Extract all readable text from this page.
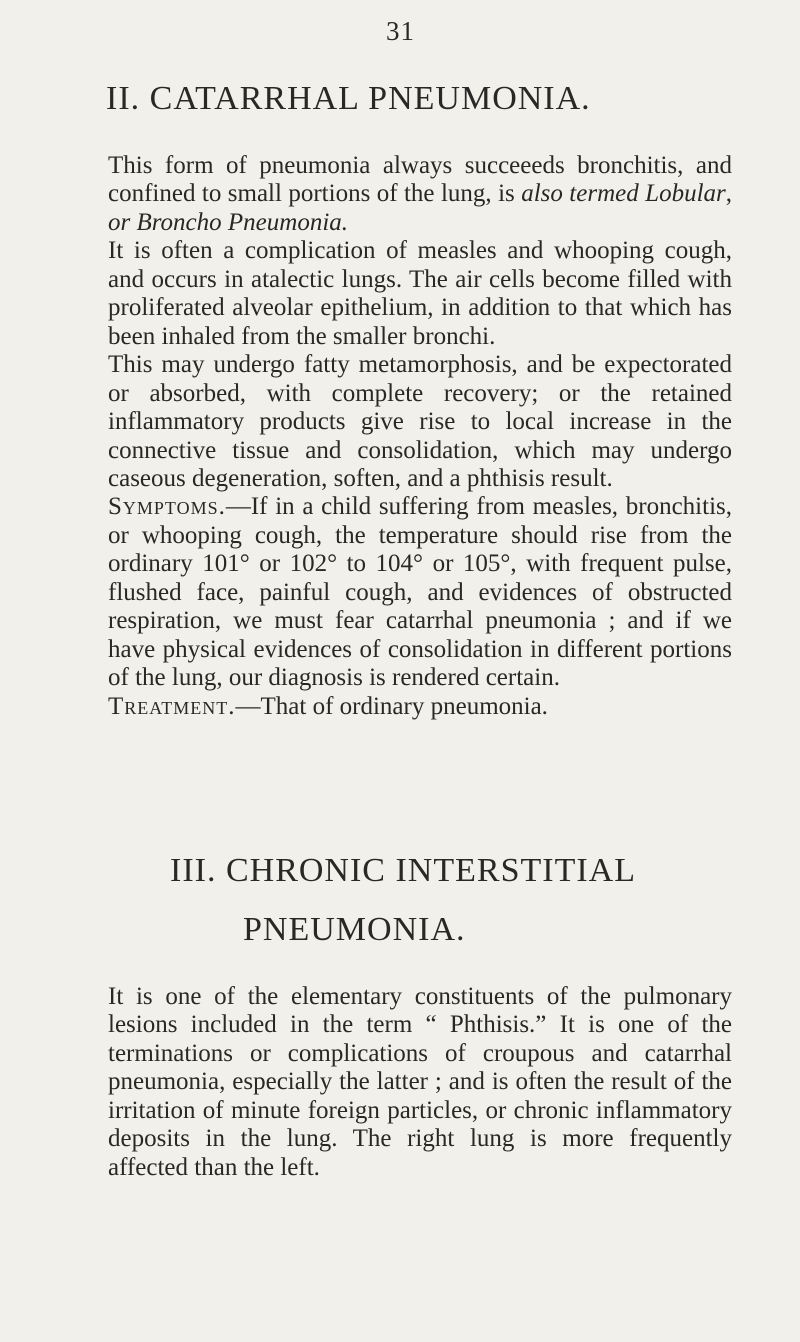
31
II. CATARRHAL PNEUMONIA.

This form of pneumonia always succeeeds bronchitis, and confined to small portions of the lung, is also termed Lobular, or Broncho Pneumonia.

It is often a complication of measles and whooping cough, and occurs in atalectic lungs. The air cells become filled with proliferated alveolar epithelium, in addition to that which has been inhaled from the smaller bronchi.

This may undergo fatty metamorphosis, and be expectorated or absorbed, with complete recovery; or the retained inflammatory products give rise to local increase in the connective tissue and consolidation, which may undergo caseous degeneration, soften, and a phthisis result.

Symptoms.—If in a child suffering from measles, bronchitis, or whooping cough, the temperature should rise from the ordinary 101° or 102° to 104° or 105°, with frequent pulse, flushed face, painful cough, and evidences of obstructed respiration, we must fear catarrhal pneumonia ; and if we have physical evidences of consolidation in different portions of the lung, our diagnosis is rendered certain.

Treatment.—That of ordinary pneumonia.

III. CHRONIC INTERSTITIAL
PNEUMONIA.

It is one of the elementary constituents of the pulmonary lesions included in the term “ Phthisis.” It is one of the terminations or complications of croupous and catarrhal pneumonia, especially the latter ; and is often the result of the irritation of minute foreign particles, or chronic inflammatory deposits in the lung. The right lung is more frequently affected than the left.
